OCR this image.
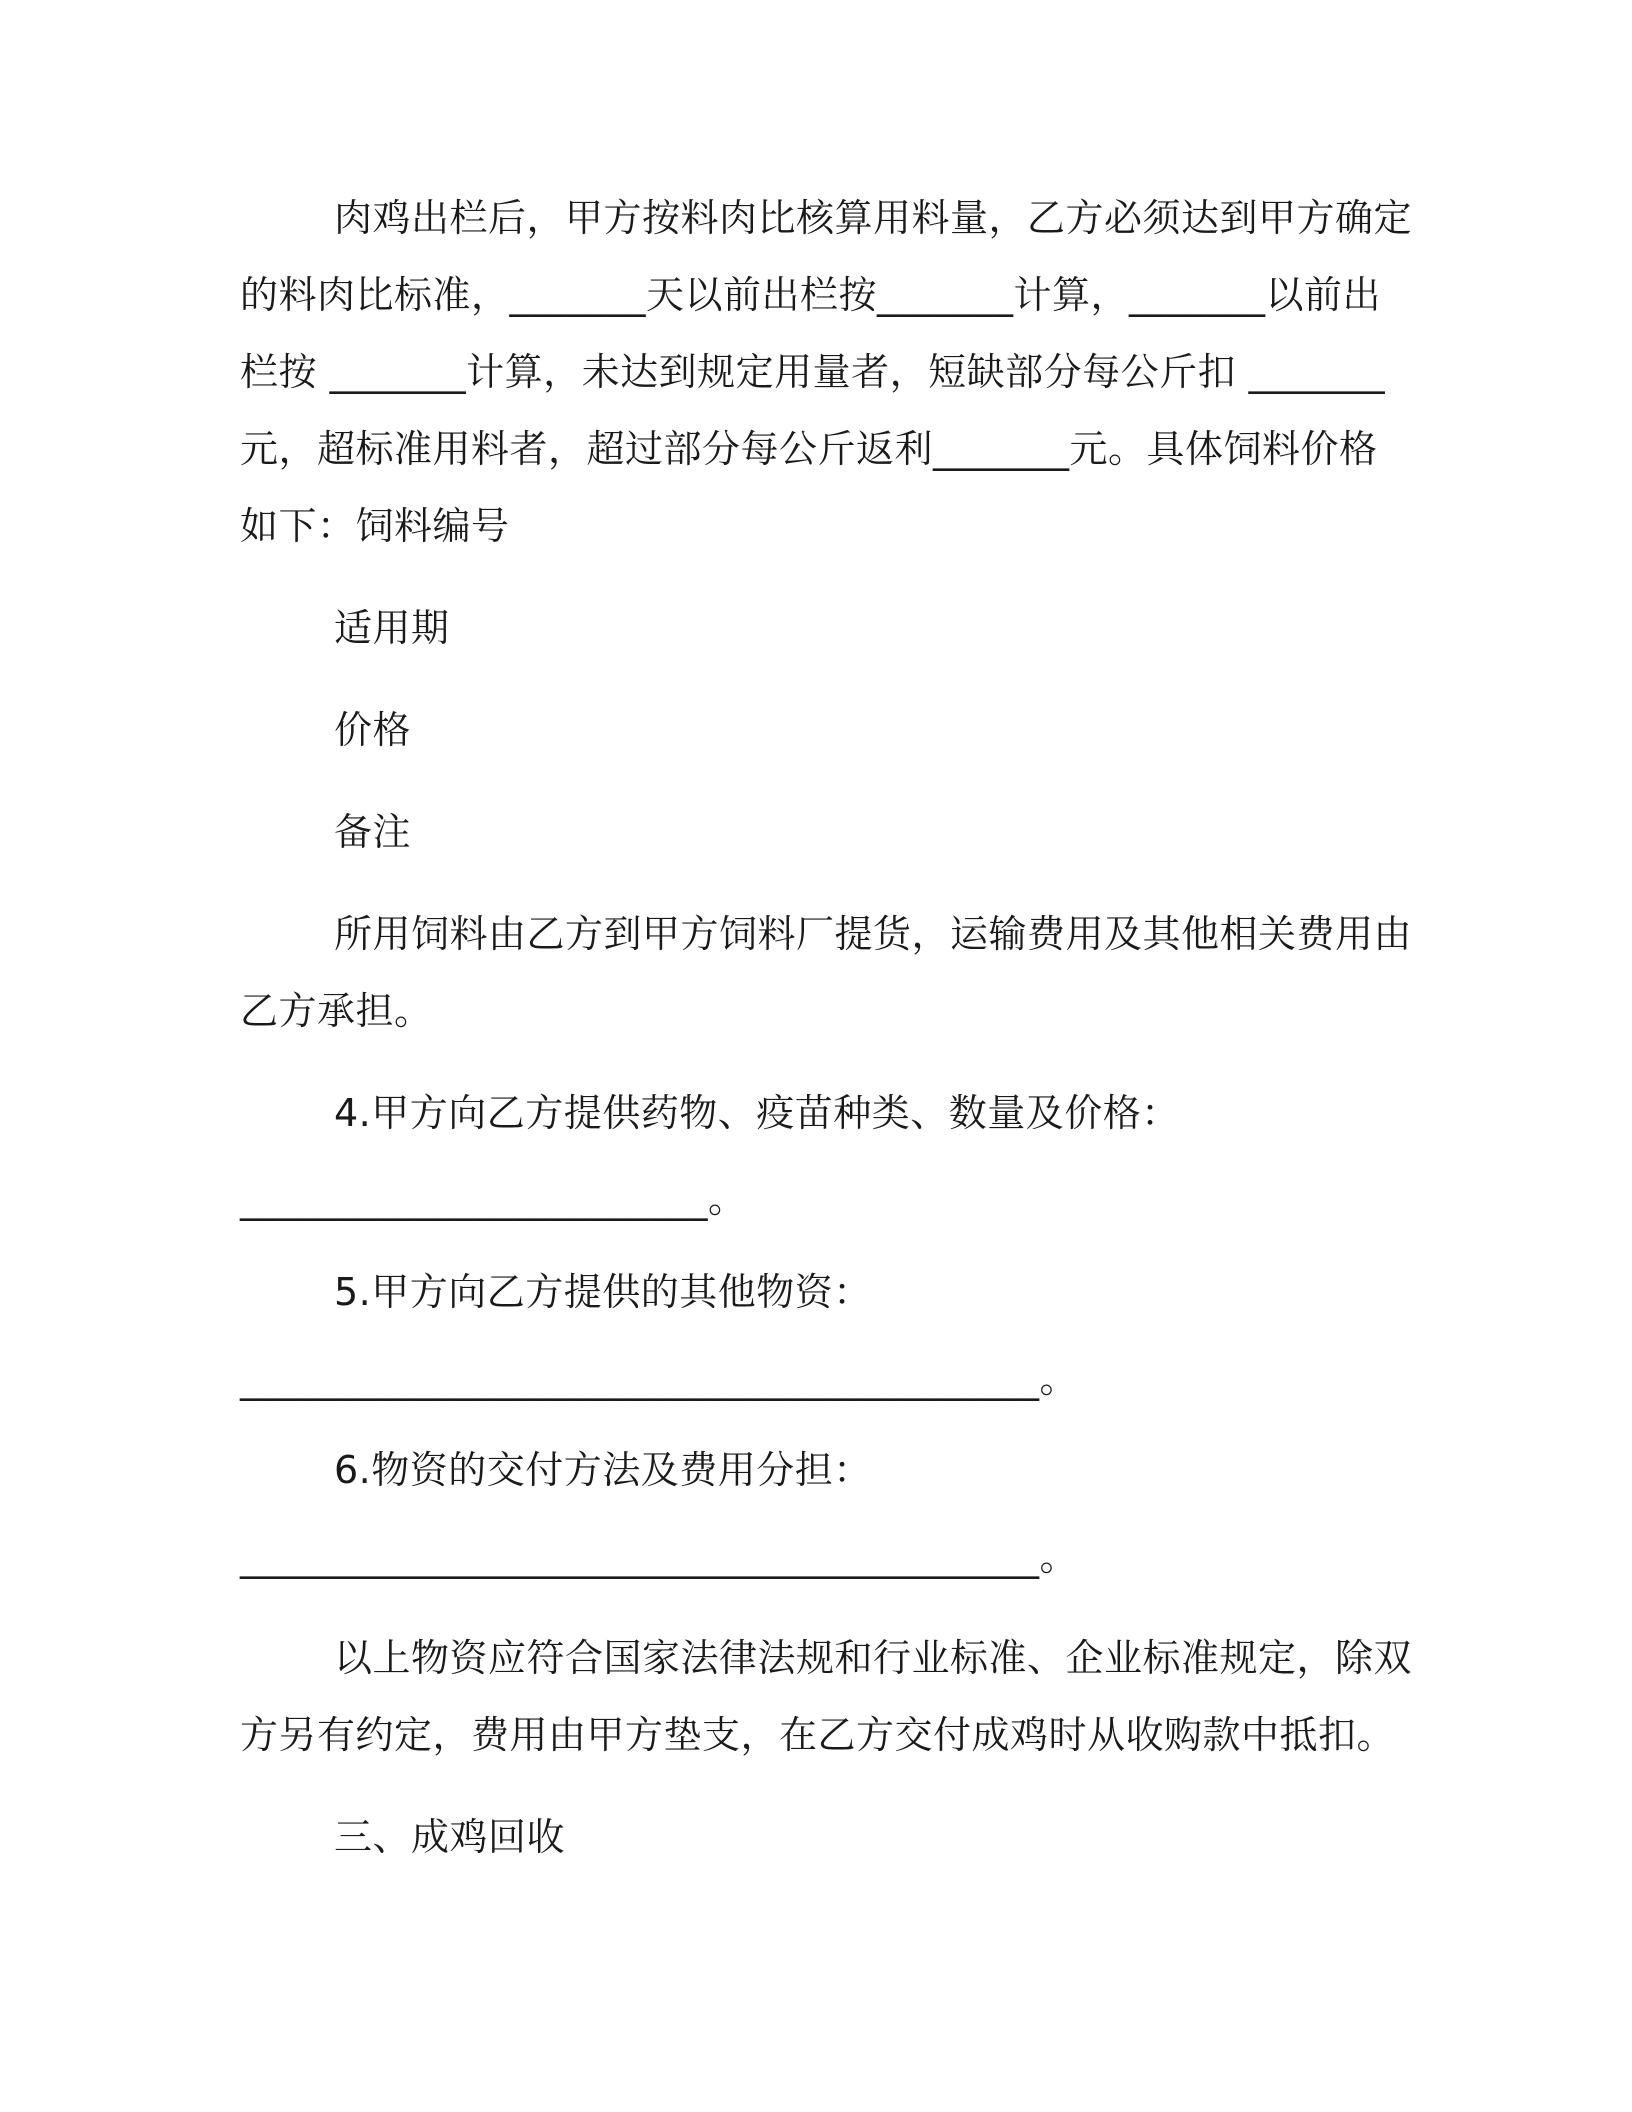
肉鸡出栏后，甲方按料肉比核算用料量，乙方必须达到甲方确定
的料肉比标准，_______天以前出栏按_______计算，_______以前出
栏按 _______计算，未达到规定用量者，短缺部分每公斤扣 _______
元，超标准用料者，超过部分每公斤返利_______元。具体饲料价格
如下：饲料编号
适用期
价格
备注
所用饲料由乙方到甲方饲料厂提货，运输费用及其他相关费用由
乙方承担。
4.甲方向乙方提供药物、疫苗种类、数量及价格：
________________________。
5.甲方向乙方提供的其他物资：
_________________________________________。
6.物资的交付方法及费用分担：
_________________________________________。
以上物资应符合国家法律法规和行业标准、企业标准规定，除双
方另有约定，费用由甲方垫支，在乙方交付成鸡时从收购款中抵扣。
三、成鸡回收
